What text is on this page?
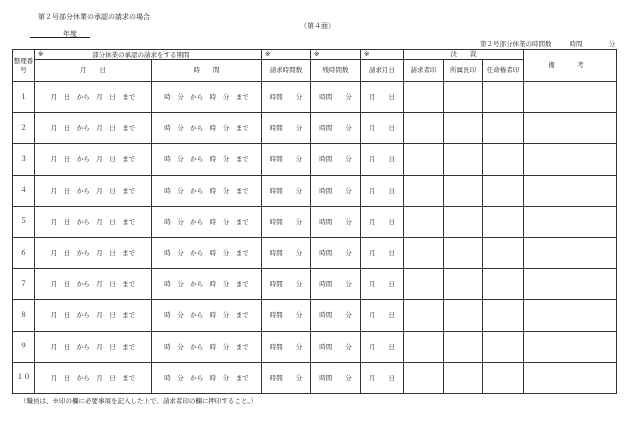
第２号部分休業の承認の請求の場合
（第４面）
年度
第２号部分休業の時間数	時間	分
整理番号	※ 部分休業の承認の請求をする期間		※	※	※	決　　裁			備　考
	月　　日	時　　間	請求時間数	残時間数	請求月日	請求者印	所属長印	任命権者印	
１	月　日　から　月　日　まで	時　分　から　時　分　まで	時間　　分	時間　　分	月　　日				
２	月　日　から　月　日　まで	時　分　から　時　分　まで	時間　　分	時間　　分	月　　日				
３	月　日　から　月　日　まで	時　分　から　時　分　まで	時間　　分	時間　　分	月　　日				
４	月　日　から　月　日　まで	時　分　から　時　分　まで	時間　　分	時間　　分	月　　日				
５	月　日　から　月　日　まで	時　分　から　時　分　まで	時間　　分	時間　　分	月　　日				
６	月　日　から　月　日　まで	時　分　から　時　分　まで	時間　　分	時間　　分	月　　日				
７	月　日　から　月　日　まで	時　分　から　時　分　まで	時間　　分	時間　　分	月　　日				
８	月　日　から　月　日　まで	時　分　から　時　分　まで	時間　　分	時間　　分	月　　日				
９	月　日　から　月　日　まで	時　分　から　時　分　まで	時間　　分	時間　　分	月　　日				
１０	月　日　から　月　日　まで	時　分　から　時　分　まで	時間　　分	時間　　分	月　　日				
（職員は、※印の欄に必要事項を記入した上で、請求者印の欄に押印すること。）
